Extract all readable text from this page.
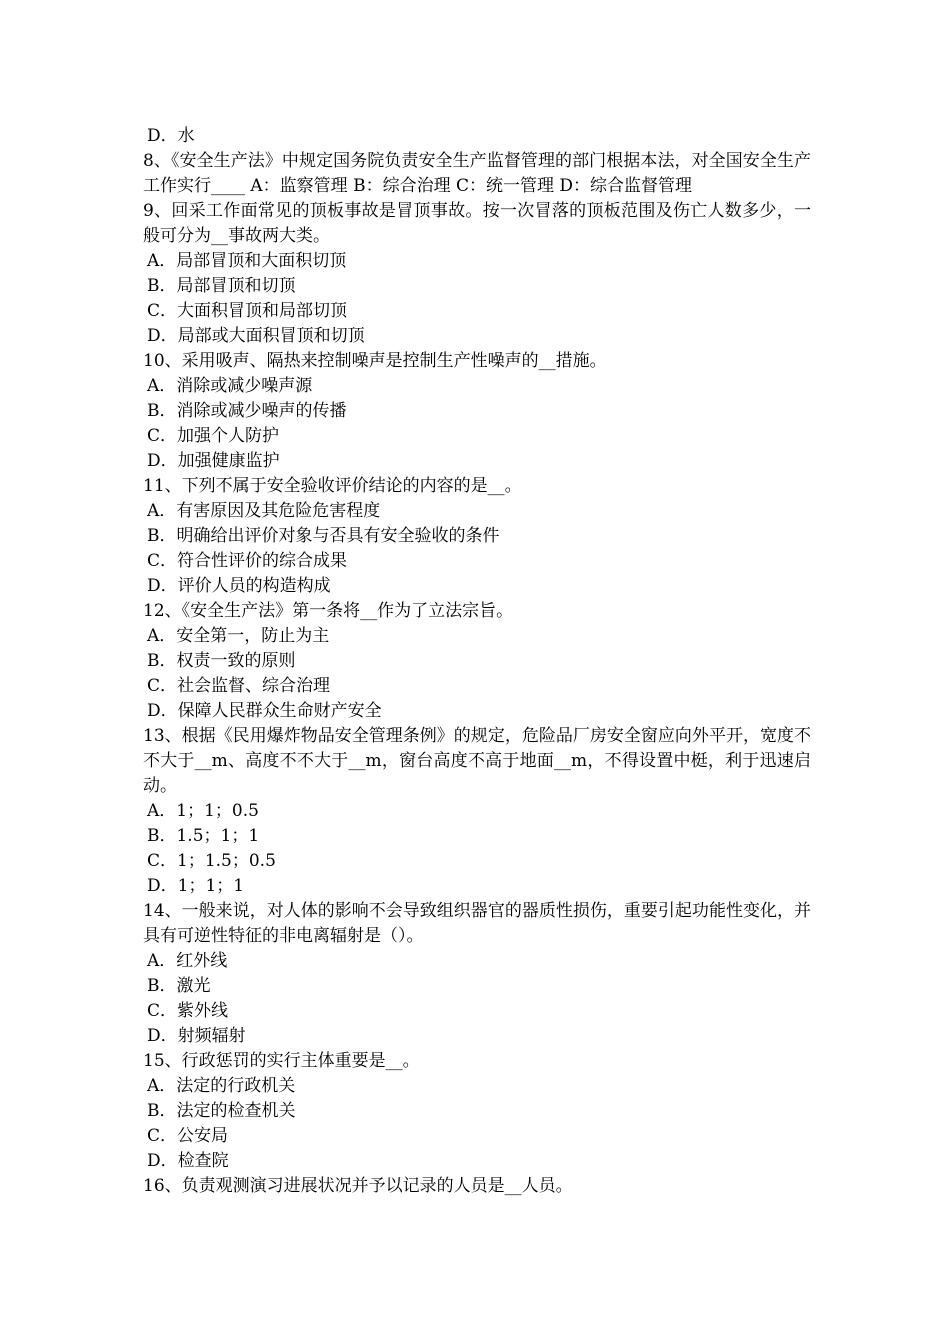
D．水
8、《安全生产法》中规定国务院负责安全生产监督管理的部门根据本法，对全国安全生产工作实行____ A：监察管理 B：综合治理 C：统一管理 D：综合监督管理
9、回采工作面常见的顶板事故是冒顶事故。按一次冒落的顶板范围及伤亡人数多少，一般可分为__事故两大类。
A．局部冒顶和大面积切顶
B．局部冒顶和切顶
C．大面积冒顶和局部切顶
D．局部或大面积冒顶和切顶
10、采用吸声、隔热来控制噪声是控制生产性噪声的__措施。
A．消除或减少噪声源
B．消除或减少噪声的传播
C．加强个人防护
D．加强健康监护
11、下列不属于安全验收评价结论的内容的是__。
A．有害原因及其危险危害程度
B．明确给出评价对象与否具有安全验收的条件
C．符合性评价的综合成果
D．评价人员的构造构成
12、《安全生产法》第一条将__作为了立法宗旨。
A．安全第一，防止为主
B．权责一致的原则
C．社会监督、综合治理
D．保障人民群众生命财产安全
13、根据《民用爆炸物品安全管理条例》的规定，危险品厂房安全窗应向外平开，宽度不不大于__m、高度不不大于__m，窗台高度不高于地面__m，不得设置中梃，利于迅速启动。
A．1；1；0.5
B．1.5；1；1
C．1；1.5；0.5
D．1；1；1
14、一般来说，对人体的影响不会导致组织器官的器质性损伤，重要引起功能性变化，并具有可逆性特征的非电离辐射是（）。
A．红外线
B．激光
C．紫外线
D．射频辐射
15、行政惩罚的实行主体重要是__。
A．法定的行政机关
B．法定的检查机关
C．公安局
D．检查院
16、负责观测演习进展状况并予以记录的人员是__人员。
